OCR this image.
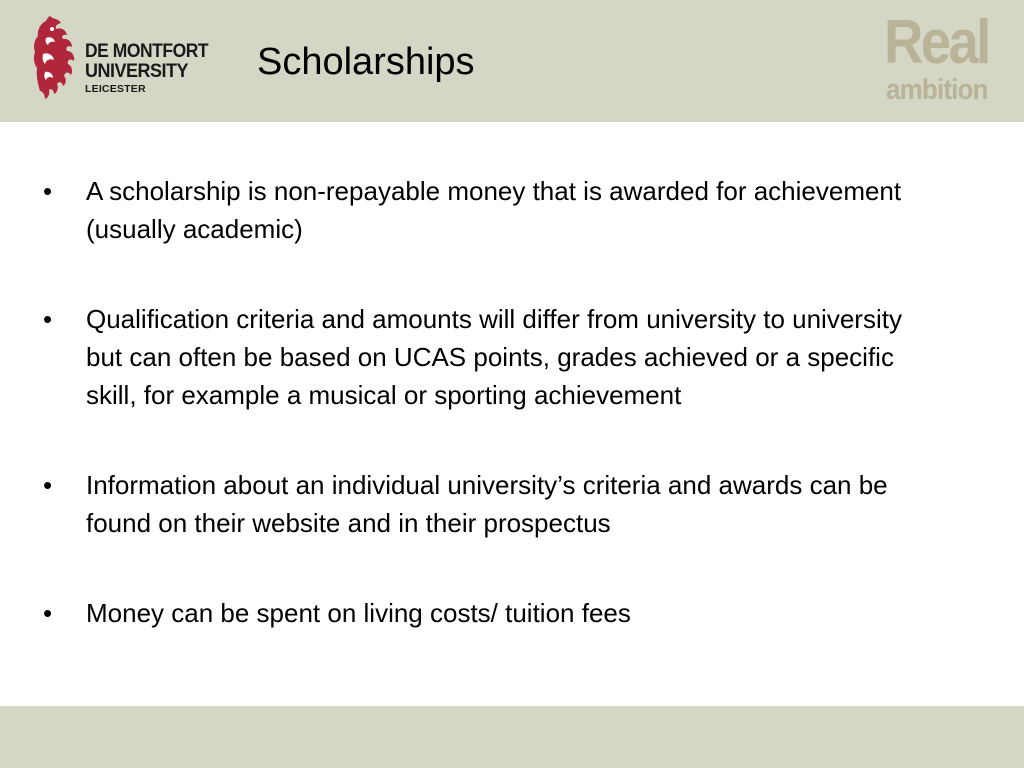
DE MONTFORT
UNIVERSITY
LEICESTER
Scholarships	Real
ambition
•	A scholarship is non-repayable money that is awarded for achievement (usually academic)
•	Qualification criteria and amounts will differ from university to university but can often be based on UCAS points, grades achieved or a specific skill, for example a musical or sporting achievement
•	Information about an individual university’s criteria and awards can be found on their website and in their prospectus
•	Money can be spent on living costs/ tuition fees
